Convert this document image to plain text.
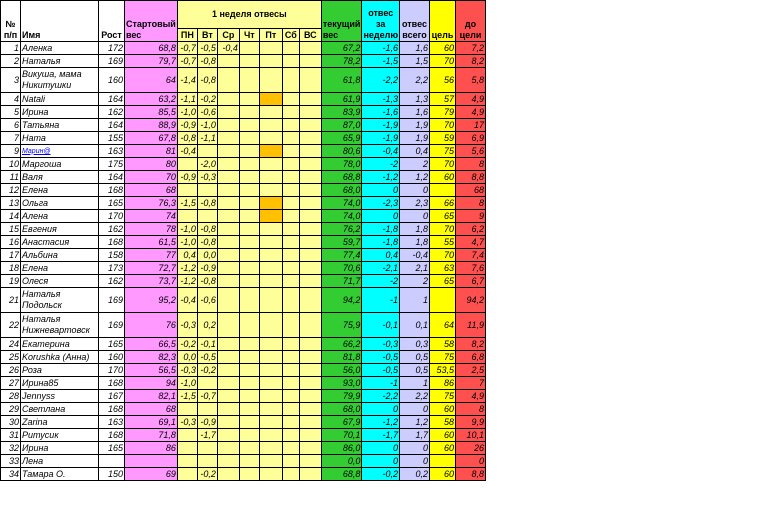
№ п/п	Имя	Рост	Стартовый вес	1 неделя отвесы							текущий вес	отвес за неделю	отвес всего	цель	до цели
				ПН	Вт	Ср	Чт	Пт	Сб	ВС					
1	Аленка	172	68,8	-0,7	-0,5	-0,4					67,2	-1,6	1,6	60	7,2
2	Наталья	169	79,7	-0,7	-0,8						78,2	-1,5	1,5	70	8,2
3	Викуша, мама Никитушки	160	64	-1,4	-0,8						61,8	-2,2	2,2	56	5,8
4	Natali	164	63,2	-1,1	-0,2						61,9	-1,3	1,3	57	4,9
5	Ирина	162	85,5	-1,0	-0,6						83,9	-1,6	1,6	79	4,9
6	Татьяна	164	88,9	-0,9	-1,0						87,0	-1,9	1,9	70	17
7	Ната	155	67,8	-0,8	-1,1						65,9	-1,9	1,9	59	6,9
9	Марин@	163	81	-0,4							80,6	-0,4	0,4	75	5,6
10	Маргоша	175	80		-2,0						78,0	-2	2	70	8
11	Валя	164	70	-0,9	-0,3						68,8	-1,2	1,2	60	8,8
12	Елена	168	68								68,0	0	0		68
13	Ольга	165	76,3	-1,5	-0,8						74,0	-2,3	2,3	66	8
14	Алена	170	74								74,0	0	0	65	9
15	Евгения	162	78	-1,0	-0,8						76,2	-1,8	1,8	70	6,2
16	Анастасия	168	61,5	-1,0	-0,8						59,7	-1,8	1,8	55	4,7
17	Альбина	158	77	0,4	0,0						77,4	0,4	-0,4	70	7,4
18	Елена	173	72,7	-1,2	-0,9						70,6	-2,1	2,1	63	7,6
19	Олеся	162	73,7	-1,2	-0,8						71,7	-2	2	65	6,7
21	Наталья Подольск	169	95,2	-0,4	-0,6						94,2	-1	1		94,2
22	Наталья Нижневартовск	169	76	-0,3	0,2						75,9	-0,1	0,1	64	11,9
24	Екатерина	165	66,5	-0,2	-0,1						66,2	-0,3	0,3	58	8,2
25	Korushka (Анна)	160	82,3	0,0	-0,5						81,8	-0,5	0,5	75	6,8
26	Роза	170	56,5	-0,3	-0,2						56,0	-0,5	0,5	53,5	2,5
27	Ирина85	168	94	-1,0							93,0	-1	1	86	7
28	Jennyss	167	82,1	-1,5	-0,7						79,9	-2,2	2,2	75	4,9
29	Светлана	168	68								68,0	0	0	60	8
30	Zarina	163	69,1	-0,3	-0,9						67,9	-1,2	1,2	58	9,9
31	Ритусик	168	71,8		-1,7						70,1	-1,7	1,7	60	10,1
32	Ирина	165	86								86,0	0	0	60	26
33	Лена										0,0	0	0		0
34	Тамара О.	150	69		-0,2						68,8	-0,2	0,2	60	8,8
